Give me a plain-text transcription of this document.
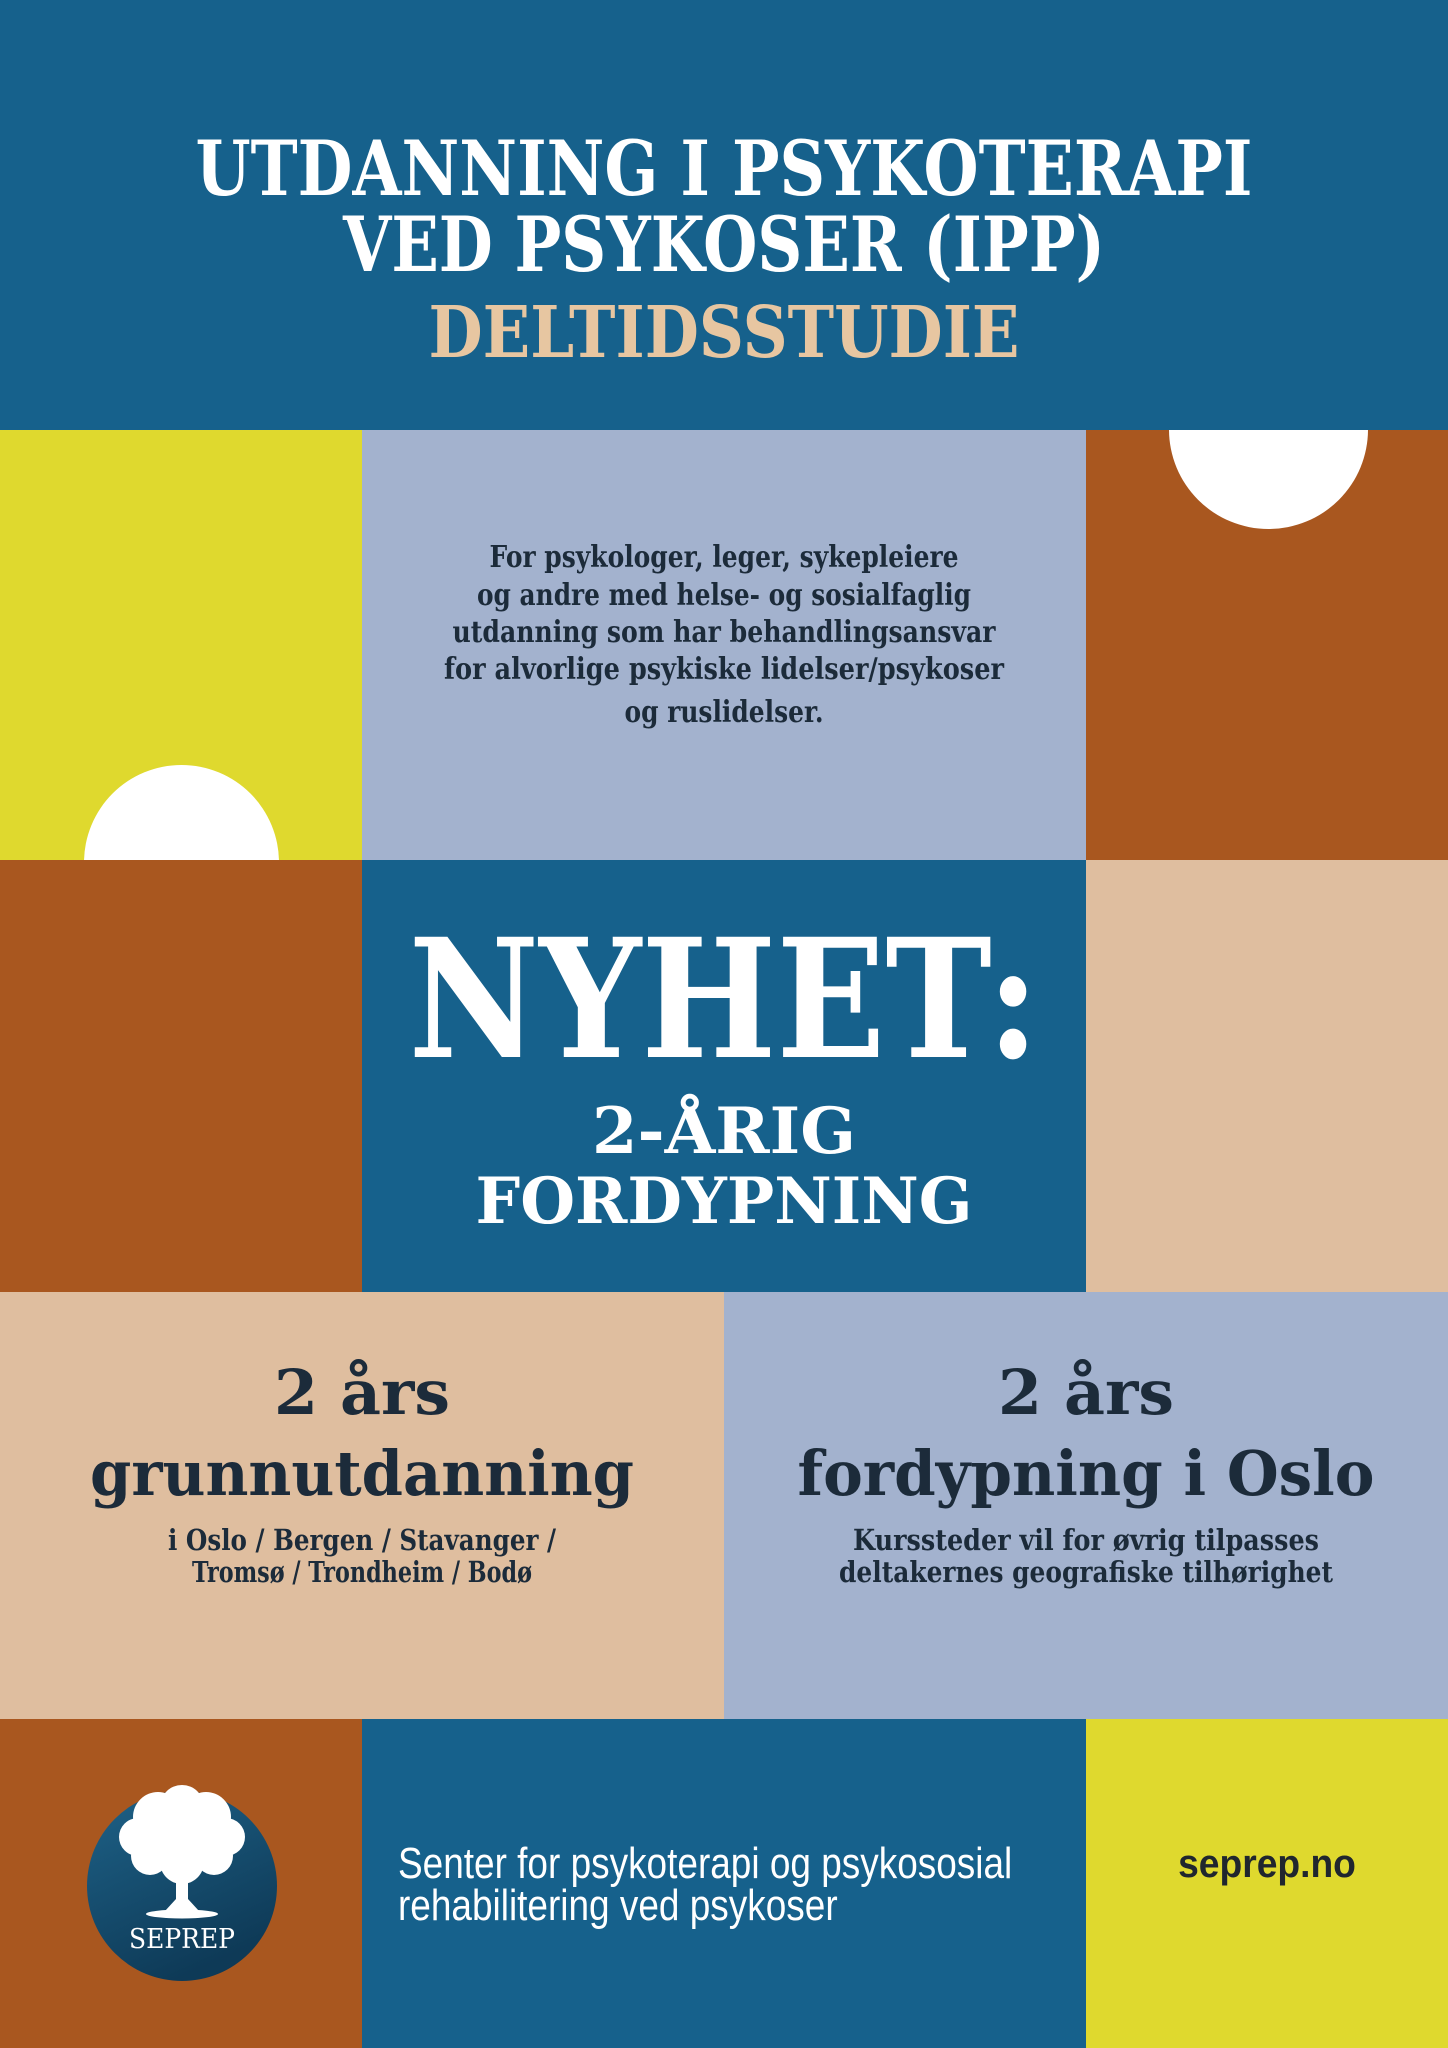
UTDANNING I PSYKOTERAPI
VED PSYKOSER (IPP)
DELTIDSSTUDIE
For psykologer, leger, sykepleiere
og andre med helse- og sosialfaglig
utdanning som har behandlingsansvar
for alvorlige psykiske lidelser/psykoser
og ruslidelser.
NYHET:
2-ÅRIG
FORDYPNING
2 års
grunnutdanning
i Oslo / Bergen / Stavanger /
Tromsø / Trondheim / Bodø
2 års
fordypning i Oslo
Kurssteder vil for øvrig tilpasses
deltakernes geografiske tilhørighet
SEPREP
Senter for psykoterapi og psykososial
rehabilitering ved psykoser
seprep.no
